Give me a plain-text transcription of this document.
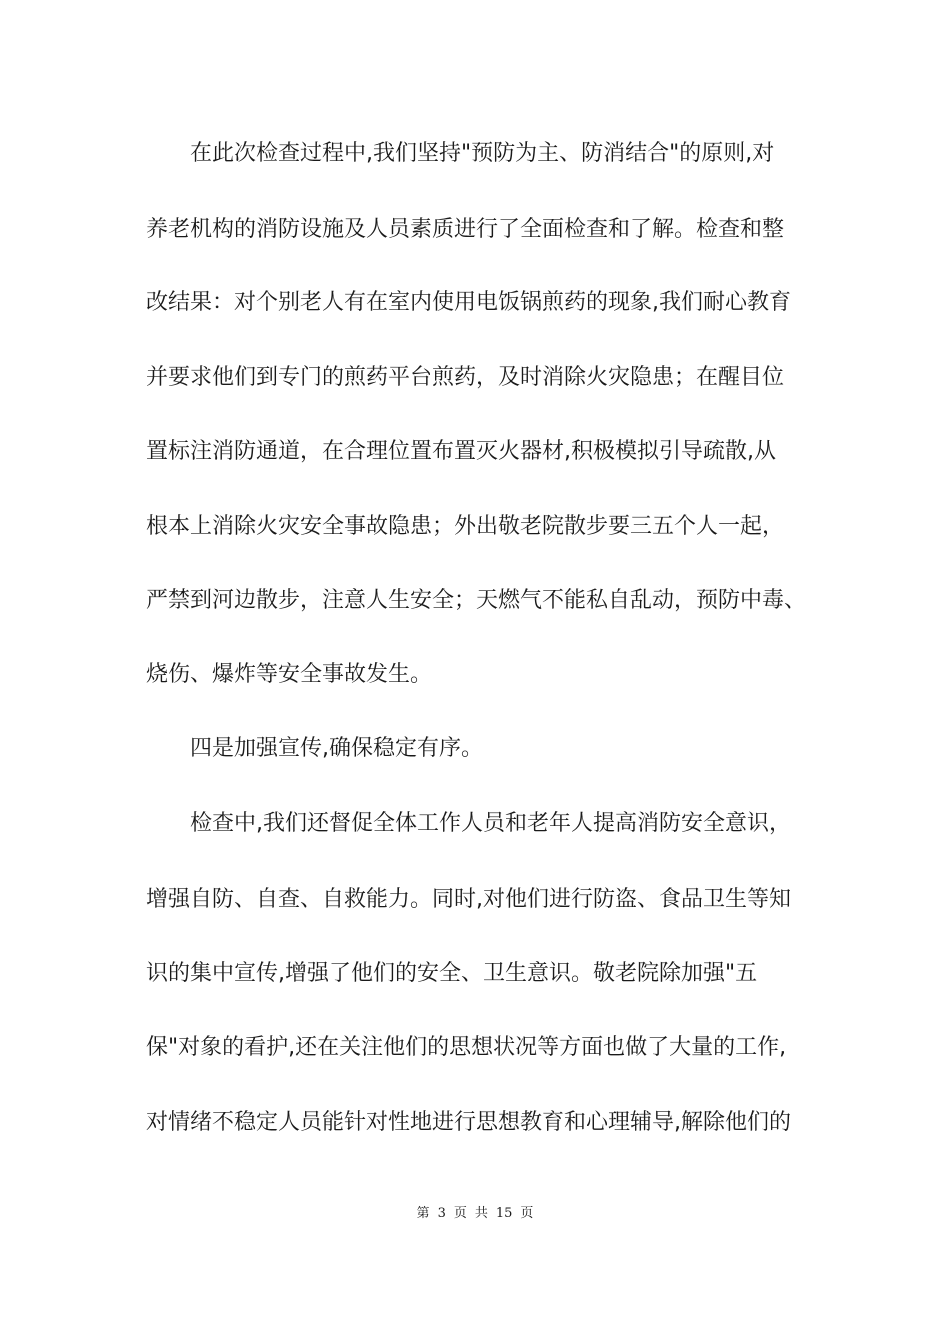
在此次检查过程中,我们坚持"预防为主、防消结合"的原则,对
养老机构的消防设施及人员素质进行了全面检查和了解。检查和整
改结果：对个别老人有在室内使用电饭锅煎药的现象,我们耐心教育
并要求他们到专门的煎药平台煎药，及时消除火灾隐患；在醒目位
置标注消防通道，在合理位置布置灭火器材,积极模拟引导疏散,从
根本上消除火灾安全事故隐患；外出敬老院散步要三五个人一起，
严禁到河边散步，注意人生安全；天燃气不能私自乱动，预防中毒、
烧伤、爆炸等安全事故发生。
四是加强宣传,确保稳定有序。
检查中,我们还督促全体工作人员和老年人提高消防安全意识，
增强自防、自查、自救能力。同时,对他们进行防盗、食品卫生等知
识的集中宣传,增强了他们的安全、卫生意识。敬老院除加强"五
保"对象的看护,还在关注他们的思想状况等方面也做了大量的工作,
对情绪不稳定人员能针对性地进行思想教育和心理辅导,解除他们的
第 3 页 共 15 页
